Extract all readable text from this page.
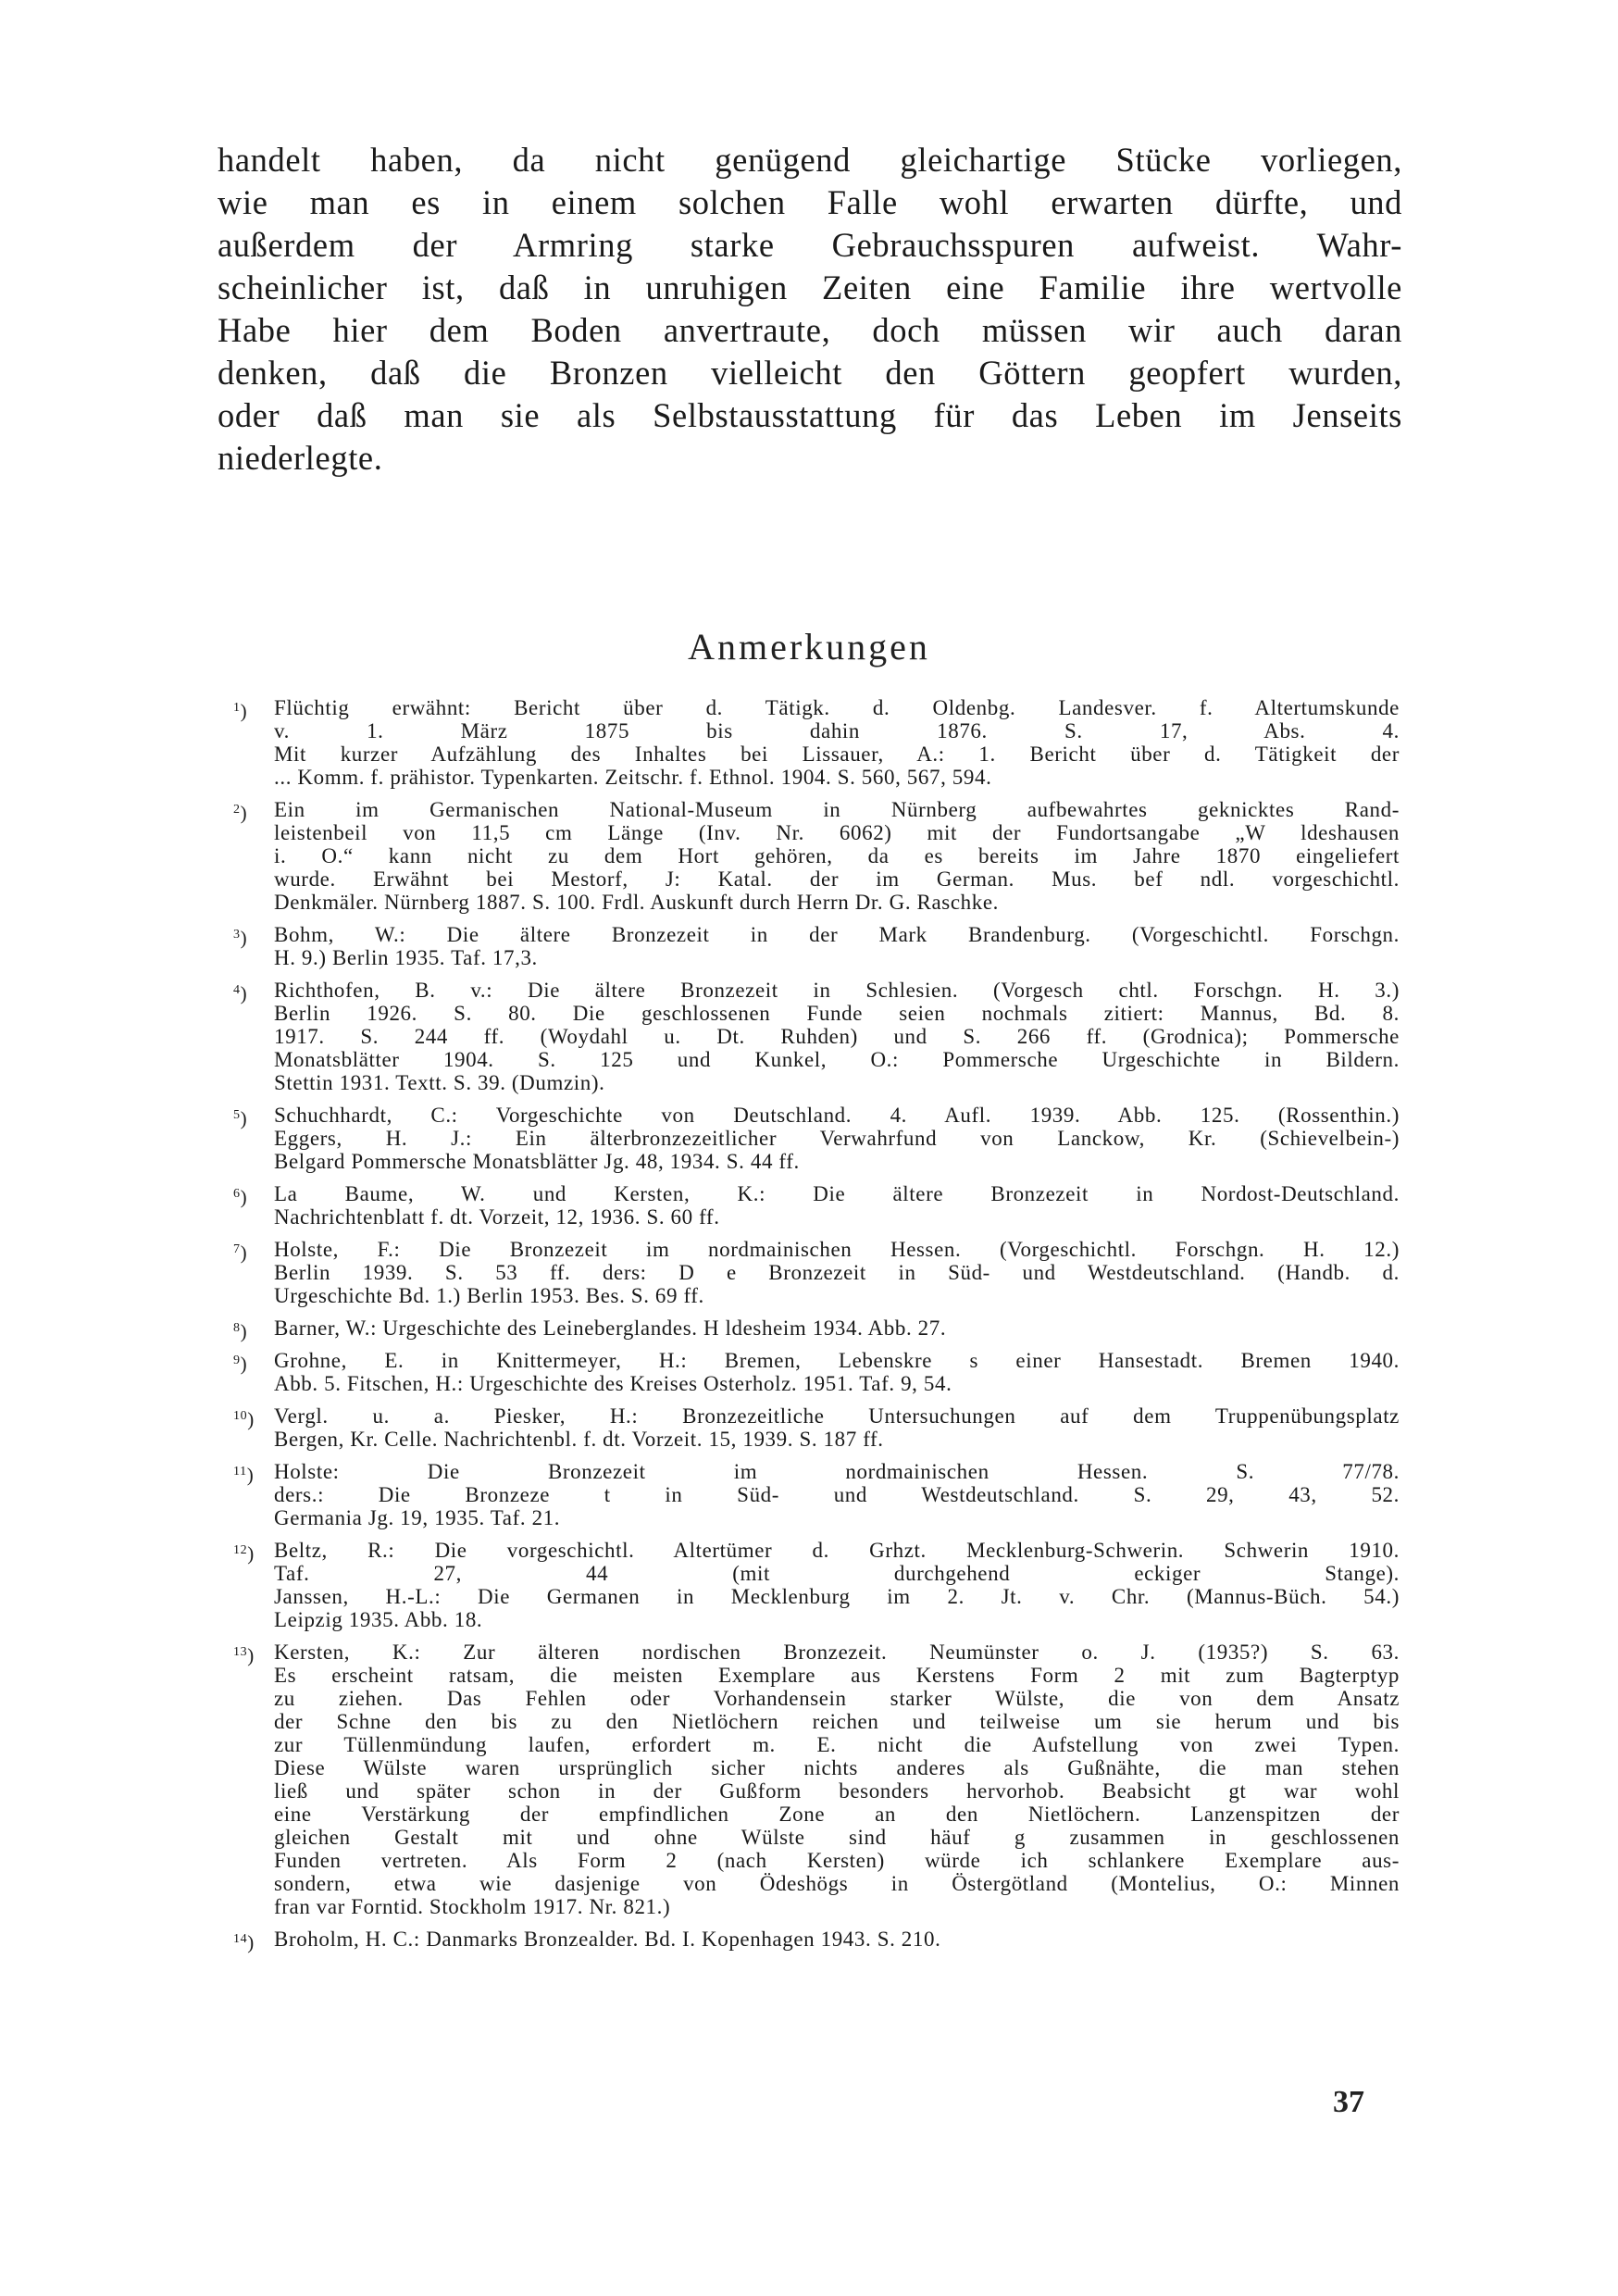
handelt haben, da nicht genügend gleichartige Stücke vorliegen,
wie man es in einem solchen Falle wohl erwarten dürfte, und
außerdem der Armring starke Gebrauchsspuren aufweist. Wahr-
scheinlicher ist, daß in unruhigen Zeiten eine Familie ihre wertvolle
Habe hier dem Boden anvertraute, doch müssen wir auch daran
denken, daß die Bronzen vielleicht den Göttern geopfert wurden,
oder daß man sie als Selbstausstattung für das Leben im Jenseits
niederlegte.
Anmerkungen
$^1$) Flüchtig erwähnt: Bericht über d. Tätigk. d. Oldenbg. Landesver. f. Altertumskunde
v. 1. März 1875 bis dahin 1876. S. 17, Abs. 4.
Mit kurzer Aufzählung des Inhaltes bei Lissauer, A.: 1. Bericht über d. Tätigkeit der
... Komm. f. prähistor. Typenkarten. Zeitschr. f. Ethnol. 1904. S. 560, 567, 594.
$^2$) Ein im Germanischen National-Museum in Nürnberg aufbewahrtes geknicktes Rand-
leistenbeil von 11,5 cm Länge (Inv. Nr. 6062) mit der Fundortsangabe „W ldeshausen
i. O.“ kann nicht zu dem Hort gehören, da es bereits im Jahre 1870 eingeliefert
wurde. Erwähnt bei Mestorf, J: Katal. der im German. Mus. bef ndl. vorgeschichtl.
Denkmäler. Nürnberg 1887. S. 100. Frdl. Auskunft durch Herrn Dr. G. Raschke.
$^3$) Bohm, W.: Die ältere Bronzezeit in der Mark Brandenburg. (Vorgeschichtl. Forschgn.
H. 9.) Berlin 1935. Taf. 17,3.
$^4$) Richthofen, B. v.: Die ältere Bronzezeit in Schlesien. (Vorgesch chtl. Forschgn. H. 3.)
Berlin 1926. S. 80. Die geschlossenen Funde seien nochmals zitiert: Mannus, Bd. 8.
1917. S. 244 ff. (Woydahl u. Dt. Ruhden) und S. 266 ff. (Grodnica); Pommersche
Monatsblätter 1904. S. 125 und Kunkel, O.: Pommersche Urgeschichte in Bildern.
Stettin 1931. Textt. S. 39. (Dumzin).
$^5$) Schuchhardt, C.: Vorgeschichte von Deutschland. 4. Aufl. 1939. Abb. 125. (Rossenthin.)
Eggers, H. J.: Ein älterbronzezeitlicher Verwahrfund von Lanckow, Kr. (Schievelbein-)
Belgard Pommersche Monatsblätter Jg. 48, 1934. S. 44 ff.
$^6$) La Baume, W. und Kersten, K.: Die ältere Bronzezeit in Nordost-Deutschland.
Nachrichtenblatt f. dt. Vorzeit, 12, 1936. S. 60 ff.
$^7$) Holste, F.: Die Bronzezeit im nordmainischen Hessen. (Vorgeschichtl. Forschgn. H. 12.)
Berlin 1939. S. 53 ff. ders: D e Bronzezeit in Süd- und Westdeutschland. (Handb. d.
Urgeschichte Bd. 1.) Berlin 1953. Bes. S. 69 ff.
$^8$) Barner, W.: Urgeschichte des Leineberglandes. H ldesheim 1934. Abb. 27.
$^9$) Grohne, E. in Knittermeyer, H.: Bremen, Lebenskre s einer Hansestadt. Bremen 1940.
Abb. 5. Fitschen, H.: Urgeschichte des Kreises Osterholz. 1951. Taf. 9, 54.
$^{10}$) Vergl. u. a. Piesker, H.: Bronzezeitliche Untersuchungen auf dem Truppenübungsplatz
Bergen, Kr. Celle. Nachrichtenbl. f. dt. Vorzeit. 15, 1939. S. 187 ff.
$^{11}$) Holste: Die Bronzezeit im nordmainischen Hessen. S. 77/78.
ders.: Die Bronzeze t in Süd- und Westdeutschland. S. 29, 43, 52.
Germania Jg. 19, 1935. Taf. 21.
$^{12}$) Beltz, R.: Die vorgeschichtl. Altertümer d. Grhzt. Mecklenburg-Schwerin. Schwerin 1910.
Taf. 27, 44 (mit durchgehend eckiger Stange).
Janssen, H.-L.: Die Germanen in Mecklenburg im 2. Jt. v. Chr. (Mannus-Büch. 54.)
Leipzig 1935. Abb. 18.
$^{13}$) Kersten, K.: Zur älteren nordischen Bronzezeit. Neumünster o. J. (1935?) S. 63.
Es erscheint ratsam, die meisten Exemplare aus Kerstens Form 2 mit zum Bagterptyp
zu ziehen. Das Fehlen oder Vorhandensein starker Wülste, die von dem Ansatz
der Schne den bis zu den Nietlöchern reichen und teilweise um sie herum und bis
zur Tüllenmündung laufen, erfordert m. E. nicht die Aufstellung von zwei Typen.
Diese Wülste waren ursprünglich sicher nichts anderes als Gußnähte, die man stehen
ließ und später schon in der Gußform besonders hervorhob. Beabsicht gt war wohl
eine Verstärkung der empfindlichen Zone an den Nietlöchern. Lanzenspitzen der
gleichen Gestalt mit und ohne Wülste sind häuf g zusammen in geschlossenen
Funden vertreten. Als Form 2 (nach Kersten) würde ich schlankere Exemplare aus-
sondern, etwa wie dasjenige von Ödeshögs in Östergötland (Montelius, O.: Minnen
fran var Forntid. Stockholm 1917. Nr. 821.)
$^{14}$) Broholm, H. C.: Danmarks Bronzealder. Bd. I. Kopenhagen 1943. S. 210.
37
